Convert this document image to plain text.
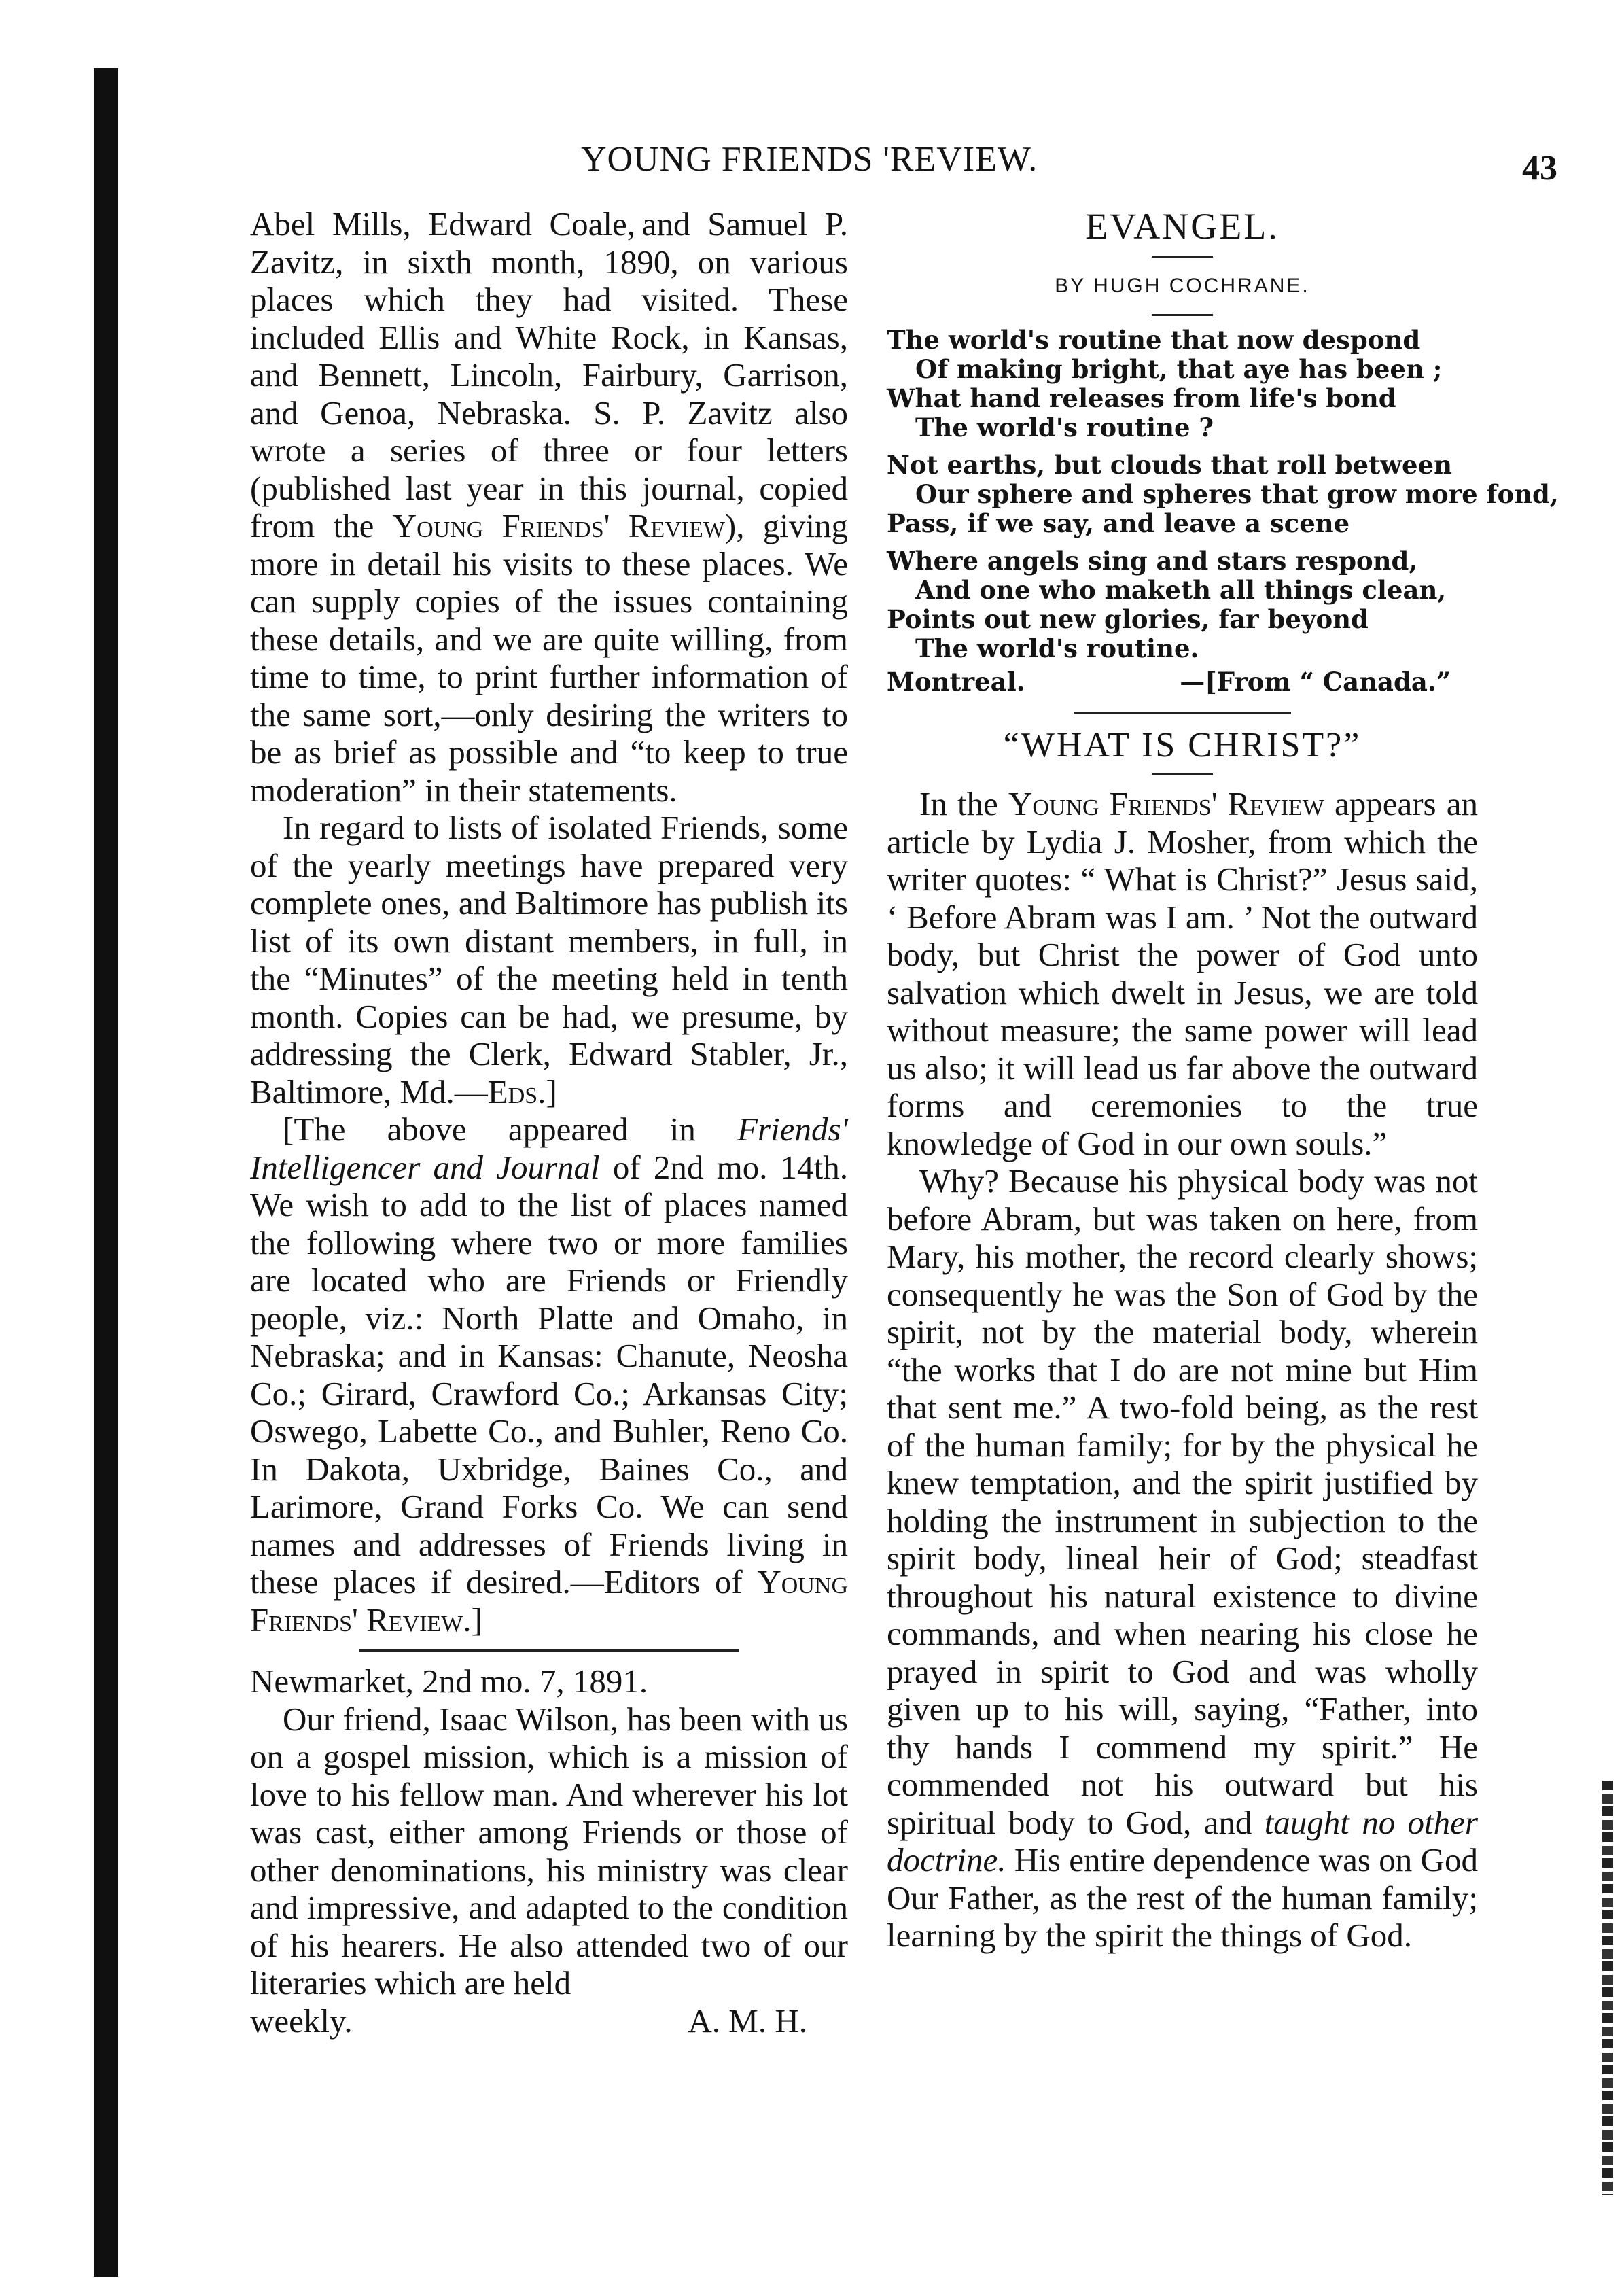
YOUNG FRIENDS 'REVIEW.	43

Abel Mills, Edward Coale, and Samuel P. Zavitz, in sixth month, 1890, on various places which they had visited. These included Ellis and White Rock, in Kansas, and Bennett, Lincoln, Fairbury, Garrison, and Genoa, Nebraska. S. P. Zavitz also wrote a series of three or four letters (published last year in this journal, copied from the Young Friends' Review), giving more in detail his visits to these places. We can supply copies of the issues containing these details, and we are quite willing, from time to time, to print further information of the same sort,—only desiring the writers to be as brief as possible and “to keep to true moderation” in their statements.

In regard to lists of isolated Friends, some of the yearly meetings have prepared very complete ones, and Baltimore has publish its list of its own distant members, in full, in the “Minutes” of the meeting held in tenth month. Copies can be had, we presume, by addressing the Clerk, Edward Stabler, Jr., Baltimore, Md.—Eds.]

[The above appeared in Friends' Intelligencer and Journal of 2nd mo. 14th. We wish to add to the list of places named the following where two or more families are located who are Friends or Friendly people, viz.: North Platte and Omaho, in Nebraska; and in Kansas: Chanute, Neosha Co.; Girard, Crawford Co.; Arkansas City; Oswego, Labette Co., and Buhler, Reno Co. In Dakota, Uxbridge, Baines Co., and Larimore, Grand Forks Co. We can send names and addresses of Friends living in these places if desired.—Editors of Young Friends' Review.]

Newmarket, 2nd mo. 7, 1891.

Our friend, Isaac Wilson, has been with us on a gospel mission, which is a mission of love to his fellow man. And wherever his lot was cast, either among Friends or those of other denominations, his ministry was clear and impressive, and adapted to the condition of his hearers. He also attended two of our literaries which are held

weekly.	A. M. H.
EVANGEL.
BY HUGH COCHRANE.
The world's routine that now despond
Of making bright, that aye has been ;
What hand releases from life's bond
The world's routine ?
Not earths, but clouds that roll between
Our sphere and spheres that grow more fond,
Pass, if we say, and leave a scene
Where angels sing and stars respond,
And one who maketh all things clean,
Points out new glories, far beyond
The world's routine.
Montreal.	—[From “ Canada.”
“WHAT IS CHRIST?”

In the Young Friends' Review appears an article by Lydia J. Mosher, from which the writer quotes: “ What is Christ?” Jesus said, ‘ Before Abram was I am. ’ Not the outward body, but Christ the power of God unto salvation which dwelt in Jesus, we are told without measure; the same power will lead us also; it will lead us far above the outward forms and ceremonies to the true knowledge of God in our own souls.”

Why? Because his physical body was not before Abram, but was taken on here, from Mary, his mother, the record clearly shows; consequently he was the Son of God by the spirit, not by the material body, wherein “the works that I do are not mine but Him that sent me.” A two-fold being, as the rest of the human family; for by the physical he knew temptation, and the spirit justified by holding the instrument in subjection to the spirit body, lineal heir of God; steadfast throughout his natural existence to divine commands, and when nearing his close he prayed in spirit to God and was wholly given up to his will, saying, “Father, into thy hands I commend my spirit.” He commended not his outward but his spiritual body to God, and taught no other doctrine. His entire dependence was on God Our Father, as the rest of the human family; learning by the spirit the things of God.
